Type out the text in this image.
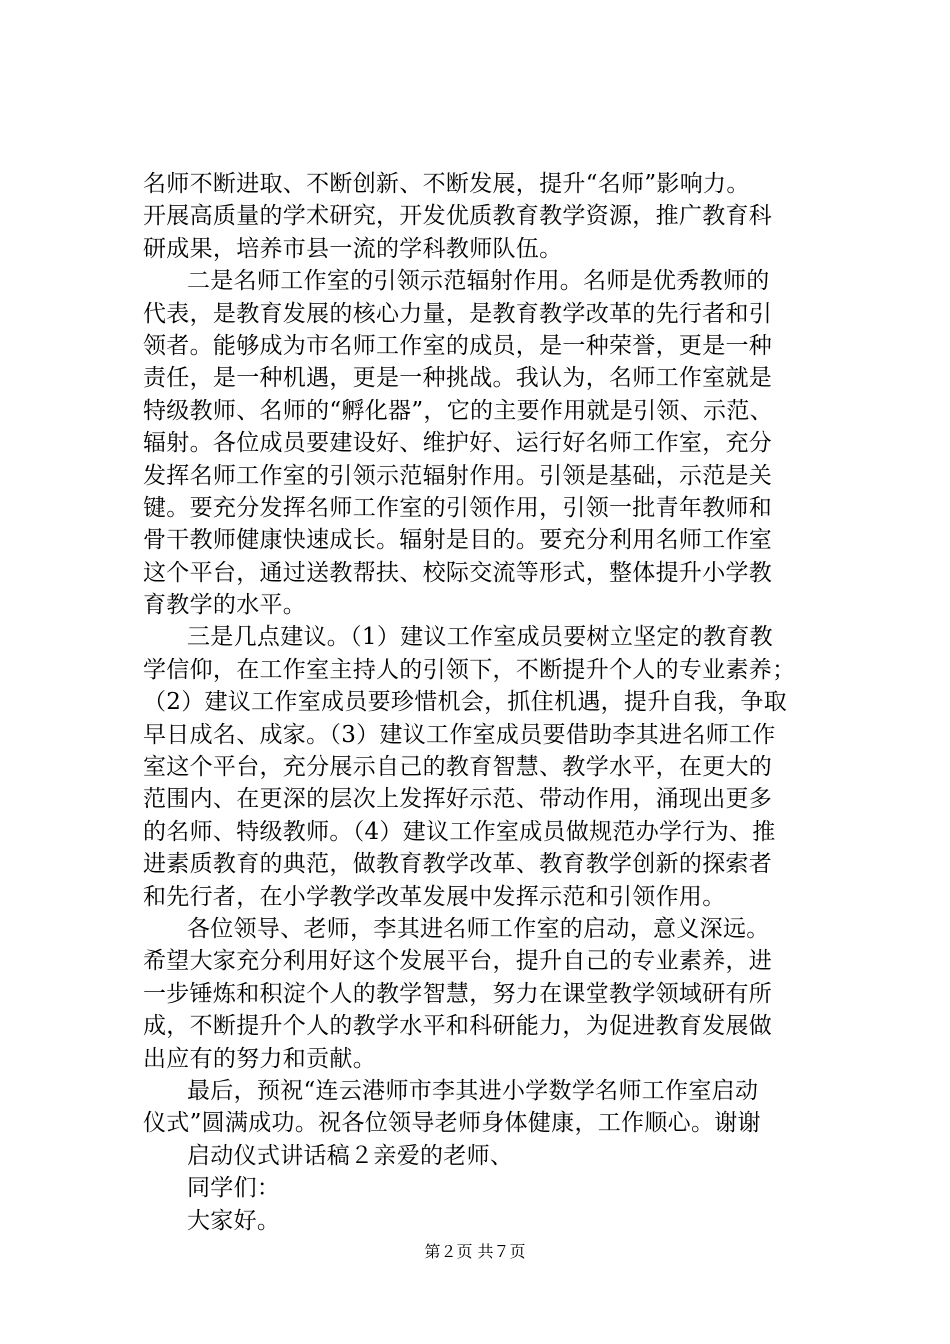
名师不断进取、不断创新、不断发展，提升“名师”影响力。
开展高质量的学术研究，开发优质教育教学资源，推广教育科
研成果，培养市县一流的学科教师队伍。
二是名师工作室的引领示范辐射作用。名师是优秀教师的
代表，是教育发展的核心力量，是教育教学改革的先行者和引
领者。能够成为市名师工作室的成员，是一种荣誉，更是一种
责任，是一种机遇，更是一种挑战。我认为，名师工作室就是
特级教师、名师的“孵化器”，它的主要作用就是引领、示范、
辐射。各位成员要建设好、维护好、运行好名师工作室，充分
发挥名师工作室的引领示范辐射作用。引领是基础，示范是关
键。要充分发挥名师工作室的引领作用，引领一批青年教师和
骨干教师健康快速成长。辐射是目的。要充分利用名师工作室
这个平台，通过送教帮扶、校际交流等形式，整体提升小学教
育教学的水平。
三是几点建议。（1）建议工作室成员要树立坚定的教育教
学信仰，在工作室主持人的引领下，不断提升个人的专业素养；
（2）建议工作室成员要珍惜机会，抓住机遇，提升自我，争取
早日成名、成家。（3）建议工作室成员要借助李其进名师工作
室这个平台，充分展示自己的教育智慧、教学水平，在更大的
范围内、在更深的层次上发挥好示范、带动作用，涌现出更多
的名师、特级教师。（4）建议工作室成员做规范办学行为、推
进素质教育的典范，做教育教学改革、教育教学创新的探索者
和先行者，在小学教学改革发展中发挥示范和引领作用。
各位领导、老师，李其进名师工作室的启动，意义深远。
希望大家充分利用好这个发展平台，提升自己的专业素养，进
一步锤炼和积淀个人的教学智慧，努力在课堂教学领域研有所
成，不断提升个人的教学水平和科研能力，为促进教育发展做
出应有的努力和贡献。
最后，预祝“连云港师市李其进小学数学名师工作室启动
仪式”圆满成功。祝各位领导老师身体健康，工作顺心。谢谢
启动仪式讲话稿２亲爱的老师、
同学们：
大家好。
第２页 共７页
